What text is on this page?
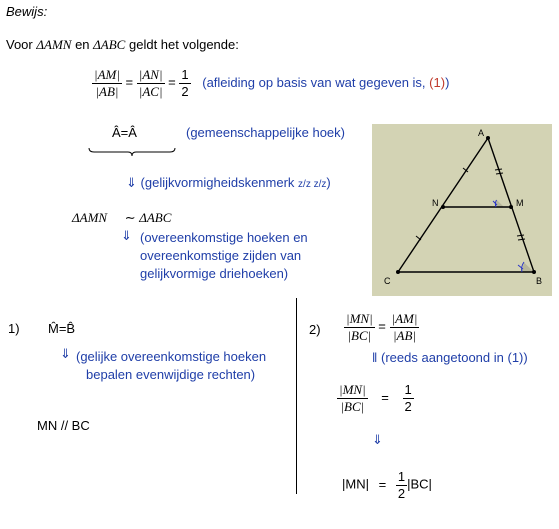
Bewijs:
Voor ΔAMN en ΔABC geldt het volgende:
$\frac{|AM|}{|AB|} = \frac{|AN|}{|AC|} = \frac{1}{2}$ (afleiding op basis van wat gegeven is, (1))
Â=Â	(gemeenschappelijke hoek)
⇓ (gelijkvormigheidskenmerk z/z z/z)
ΔAMN ∼ ΔABC
⇓ (overeenkomstige hoeken en
overeenkomstige zijden van
gelijkvormige driehoeken)
A
N	M
C	B
1) M̂=B̂
⇓ (gelijke overeenkomstige hoeken
bepalen evenwijdige rechten)
MN // BC
$2) \frac{|MN|}{|BC|} = \frac{|AM|}{|AB|}$
‖ (reeds aangetoond in (1))
$\frac{|MN|}{|BC|} = \frac{1}{2}$
⇓
$|MN| = \frac{1}{2} |BC|$
